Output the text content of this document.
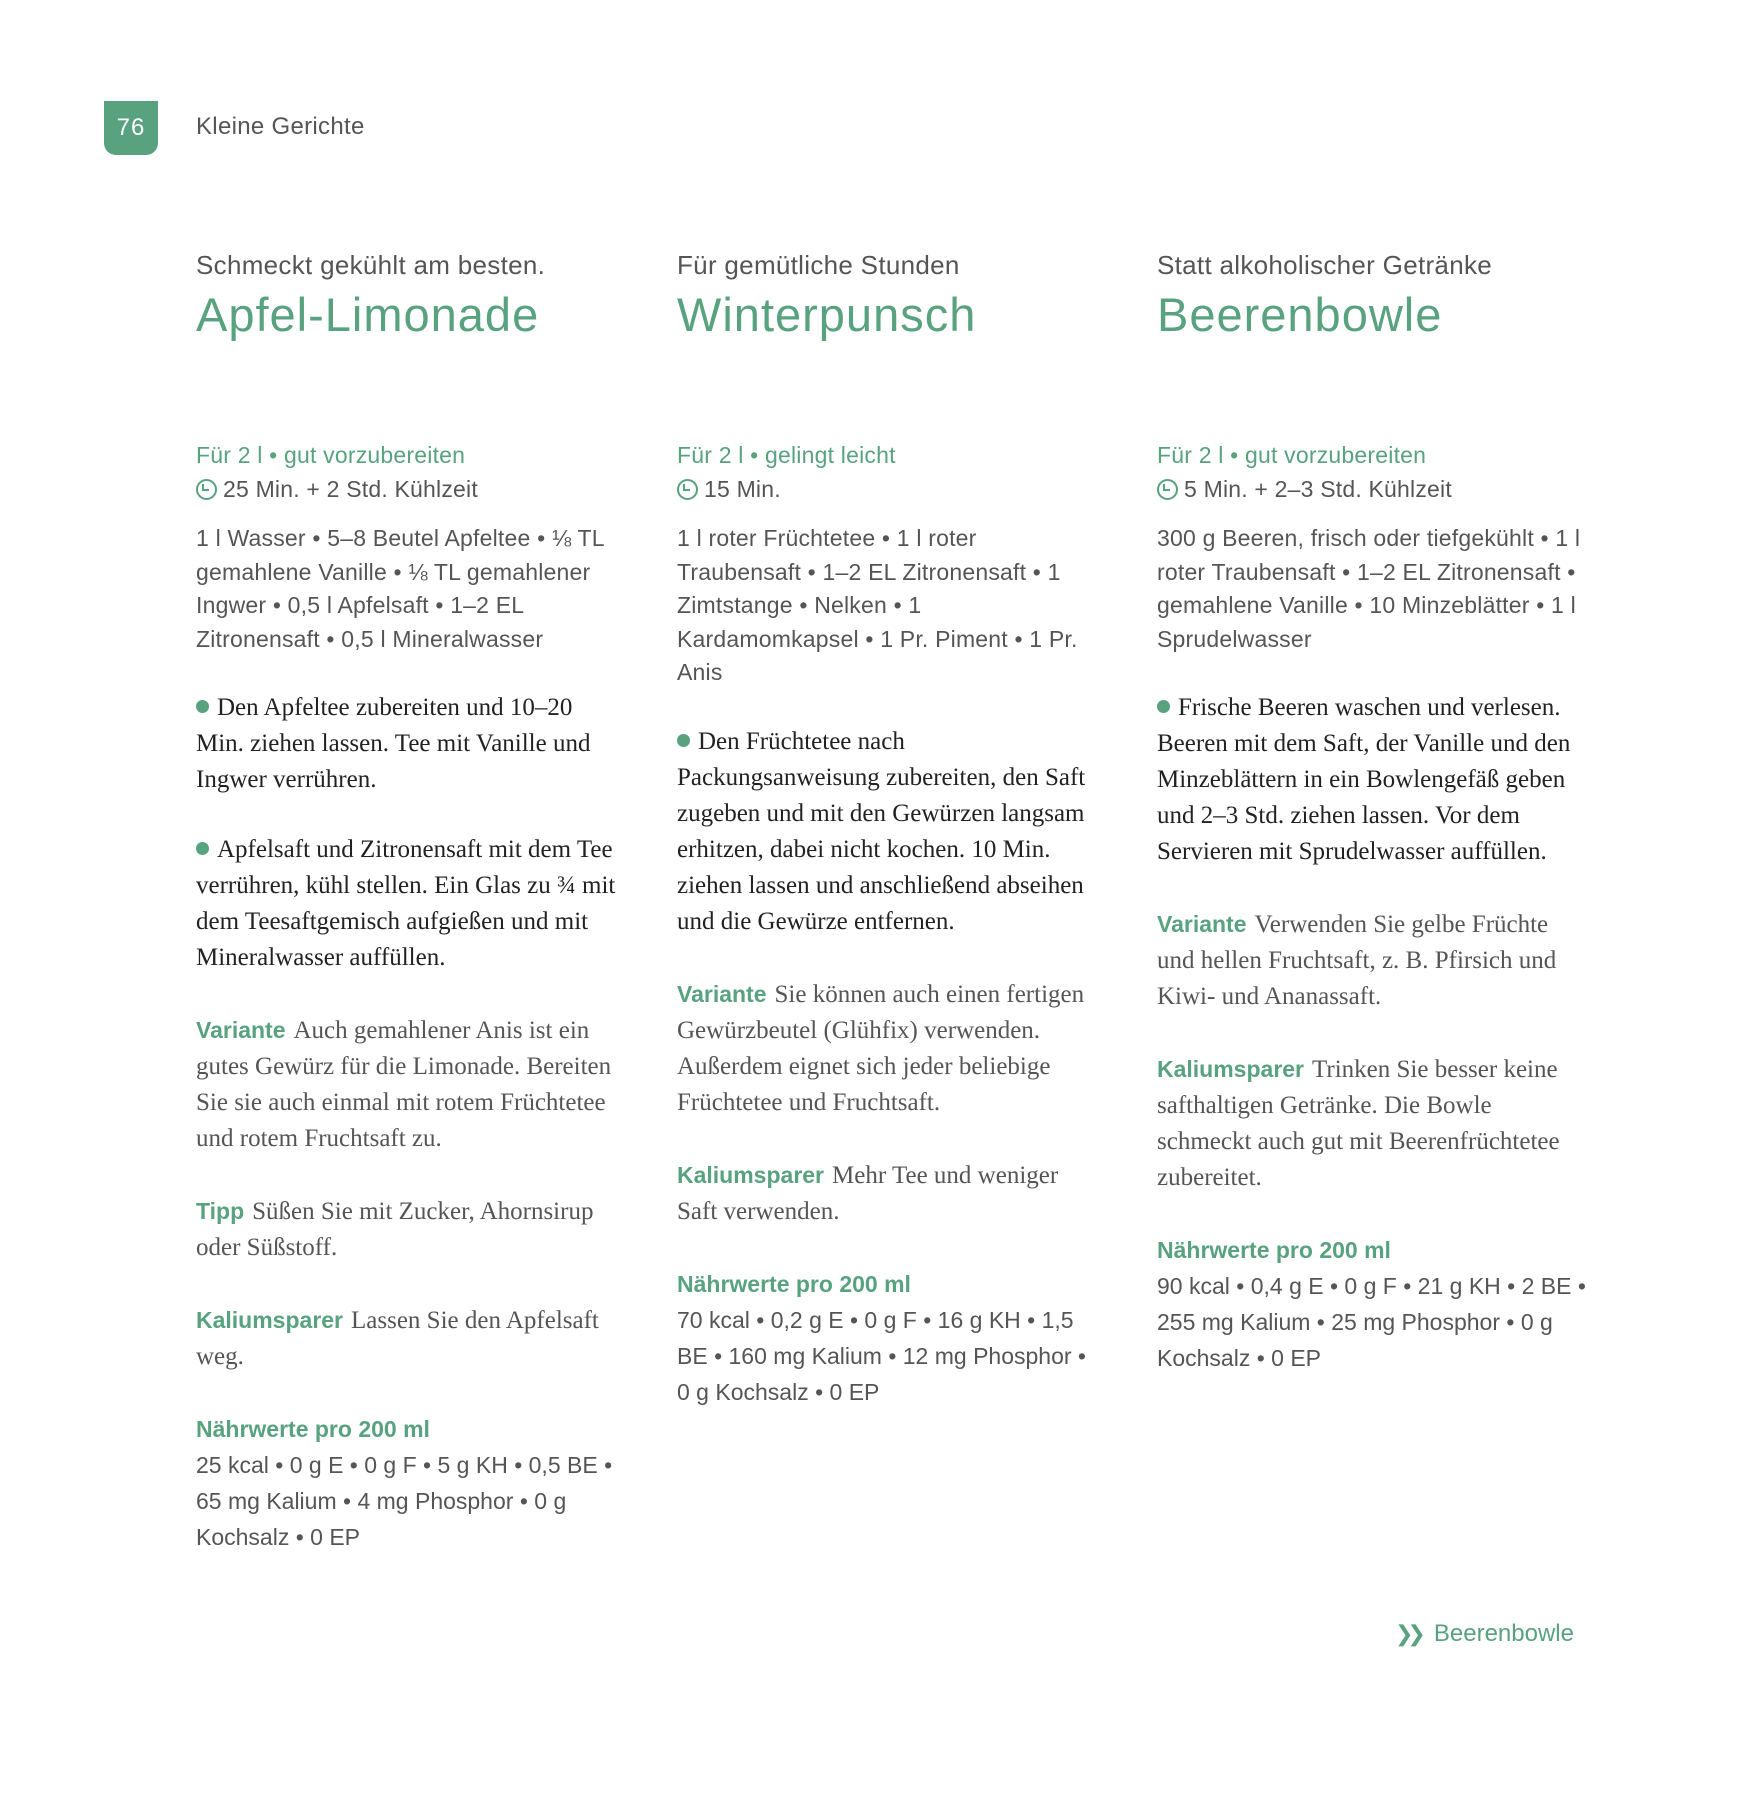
76	Kleine Gerichte
Schmeckt gekühlt am besten.
Apfel-Limonade
Für 2 l • gut vorzubereiten
25 Min. + 2 Std. Kühlzeit
1 l Wasser • 5–8 Beutel Apfeltee • ⅛ TL gemahlene Vanille • ⅛ TL gemahlener Ingwer • 0,5 l Apfelsaft • 1–2 EL Zitronensaft • 0,5 l Mineralwasser
Den Apfeltee zubereiten und 10–20 Min. ziehen lassen. Tee mit Vanille und Ingwer verrühren.
Apfelsaft und Zitronensaft mit dem Tee verrühren, kühl stellen. Ein Glas zu ¾ mit dem Teesaftgemisch aufgießen und mit Mineralwasser auffüllen.
Variante Auch gemahlener Anis ist ein gutes Gewürz für die Limonade. Bereiten Sie sie auch einmal mit rotem Früchtetee und rotem Fruchtsaft zu.
Tipp Süßen Sie mit Zucker, Ahornsirup oder Süßstoff.
Kaliumsparer Lassen Sie den Apfelsaft weg.
Nährwerte pro 200 ml
25 kcal • 0 g E • 0 g F • 5 g KH • 0,5 BE • 65 mg Kalium • 4 mg Phosphor • 0 g Kochsalz • 0 EP
Für gemütliche Stunden
Winterpunsch
Für 2 l • gelingt leicht
15 Min.
1 l roter Früchtetee • 1 l roter Traubensaft • 1–2 EL Zitronensaft • 1 Zimtstange • Nelken • 1 Kardamomkapsel • 1 Pr. Piment • 1 Pr. Anis
Den Früchtetee nach Packungsanweisung zubereiten, den Saft zugeben und mit den Gewürzen langsam erhitzen, dabei nicht kochen. 10 Min. ziehen lassen und anschließend abseihen und die Gewürze entfernen.
Variante Sie können auch einen fertigen Gewürzbeutel (Glühfix) verwenden. Außerdem eignet sich jeder beliebige Früchtetee und Fruchtsaft.
Kaliumsparer Mehr Tee und weniger Saft verwenden.
Nährwerte pro 200 ml
70 kcal • 0,2 g E • 0 g F • 16 g KH • 1,5 BE • 160 mg Kalium • 12 mg Phosphor • 0 g Kochsalz • 0 EP
Statt alkoholischer Getränke
Beerenbowle
Für 2 l • gut vorzubereiten
5 Min. + 2–3 Std. Kühlzeit
300 g Beeren, frisch oder tiefgekühlt • 1 l roter Traubensaft • 1–2 EL Zitronensaft • gemahlene Vanille • 10 Minzeblätter • 1 l Sprudelwasser
Frische Beeren waschen und verlesen. Beeren mit dem Saft, der Vanille und den Minzeblättern in ein Bowlengefäß geben und 2–3 Std. ziehen lassen. Vor dem Servieren mit Sprudelwasser auffüllen.
Variante Verwenden Sie gelbe Früchte und hellen Fruchtsaft, z. B. Pfirsich und Kiwi- und Ananassaft.
Kaliumsparer Trinken Sie besser keine safthaltigen Getränke. Die Bowle schmeckt auch gut mit Beerenfrüchtetee zubereitet.
Nährwerte pro 200 ml
90 kcal • 0,4 g E • 0 g F • 21 g KH • 2 BE • 255 mg Kalium • 25 mg Phosphor • 0 g Kochsalz • 0 EP
❯❯ Beerenbowle
